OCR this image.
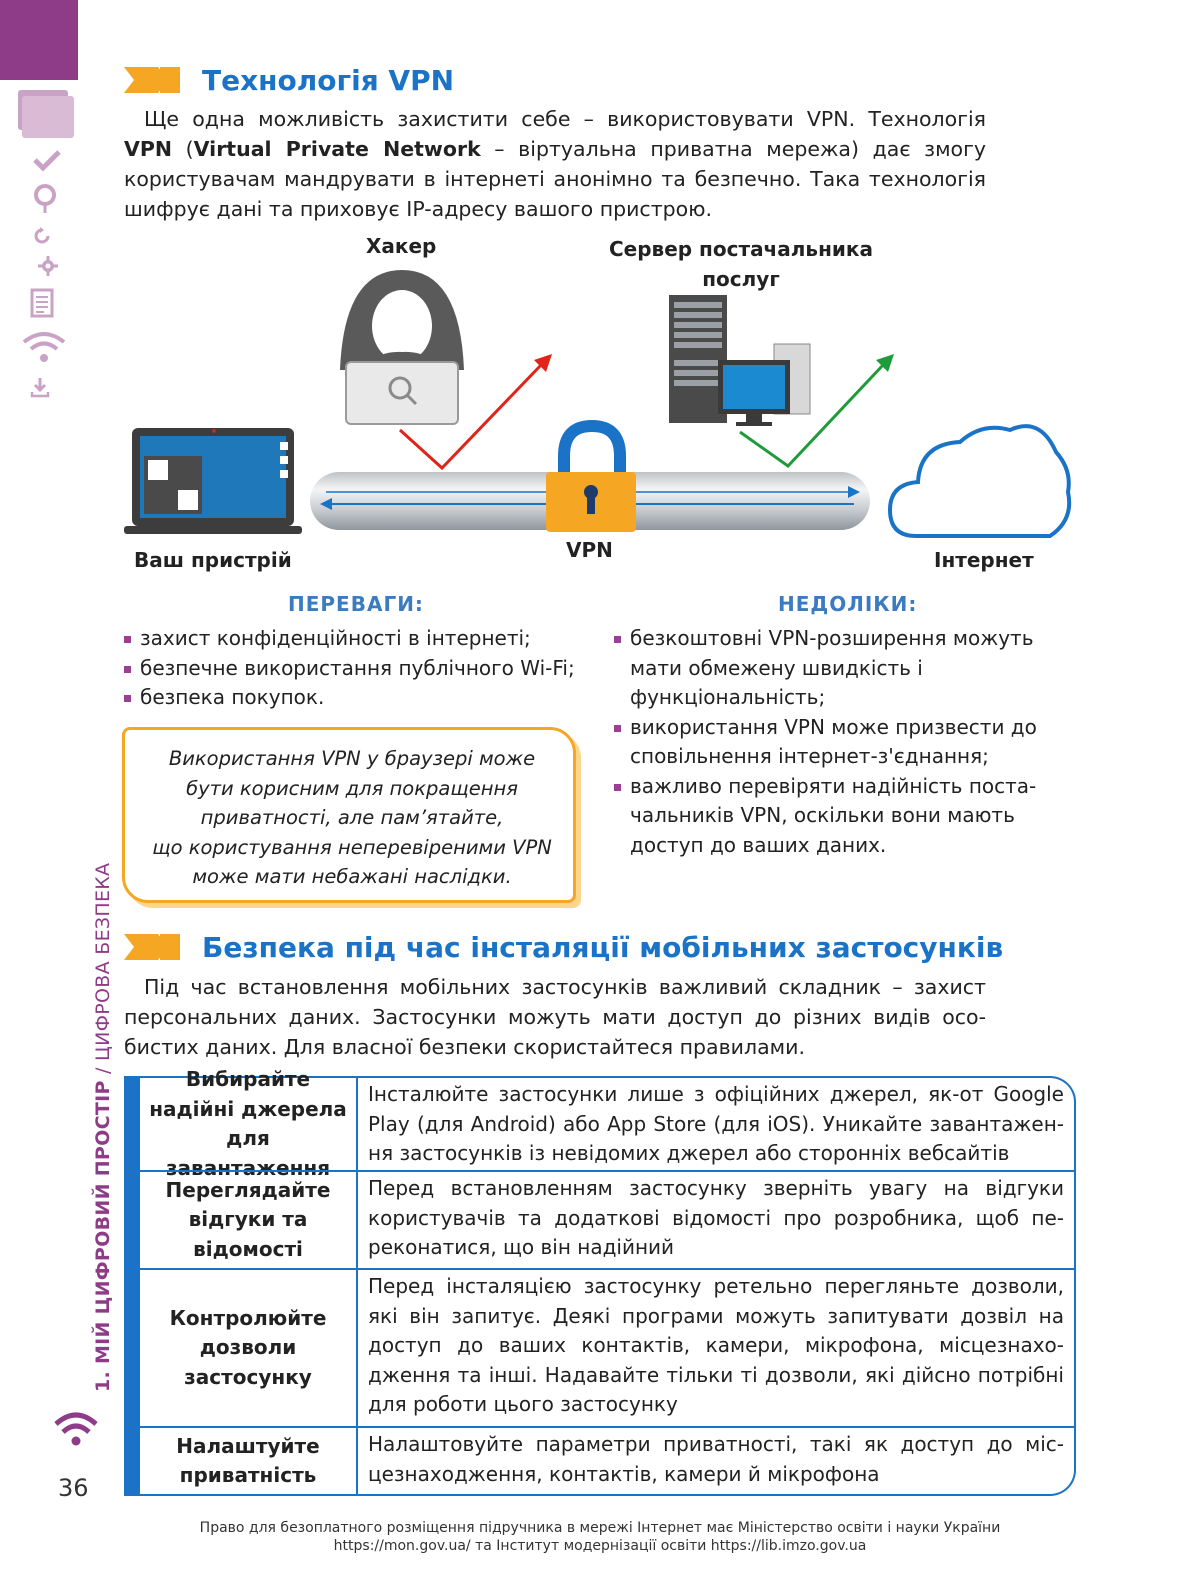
1. МІЙ ЦИФРОВИЙ ПРОСТІР / ЦИФРОВА БЕЗПЕКА
36
Технологія VPN
Ще одна можливість захистити себе – використовувати VPN. Технологія VPN (Virtual Private Network – віртуальна приватна мережа) дає змогу користувачам мандрувати в інтернеті анонімно та безпечно. Така технологія шифрує дані та приховує IP-адресу вашого пристрою.
Хакер	Сервер постачальника
послуг
Ваш пристрій	VPN	Інтернет
ПЕРЕВАГИ:
захист конфіденційності в інтернеті;
безпечне використання публічного Wi-Fi;
безпека покупок.
НЕДОЛІКИ:
безкоштовні VPN-розширення можуть мати обмежену швидкість і функціональність;
використання VPN може призвести до сповільнення інтернет-з'єднання;
важливо перевіряти надійність постачальників VPN, оскільки вони мають доступ до ваших даних.
Використання VPN у браузері може
бути корисним для покращення
приватності, але пам’ятайте,
що користування неперевіреними VPN
може мати небажані наслідки.
Безпека під час інсталяції мобільних застосунків
Під час встановлення мобільних застосунків важливий складник – захист персональних даних. Застосунки можуть мати доступ до різних видів особистих даних. Для власної безпеки скористайтеся правилами.
Вибирайте надійні джерела для завантаження
Інсталюйте застосунки лише з офіційних джерел, як-от Google Play (для Android) або App Store (для iOS). Уникайте завантаження застосунків із невідомих джерел або сторонніх вебсайтів
Переглядайте відгуки та відомості
Перед встановленням застосунку зверніть увагу на відгуки користувачів та додаткові відомості про розробника, щоб переконатися, що він надійний
Контролюйте дозволи застосунку
Перед інсталяцією застосунку ретельно перегляньте дозволи, які він запитує. Деякі програми можуть запитувати дозвіл на доступ до ваших контактів, камери, мікрофона, місцезнаходження та інші. Надавайте тільки ті дозволи, які дійсно потрібні для роботи цього застосунку
Налаштуйте приватність
Налаштовуйте параметри приватності, такі як доступ до місцезнаходження, контактів, камери й мікрофона
Право для безоплатного розміщення підручника в мережі Інтернет має Міністерство освіти і науки України
https://mon.gov.ua/ та Інститут модернізації освіти https://lib.imzo.gov.ua
